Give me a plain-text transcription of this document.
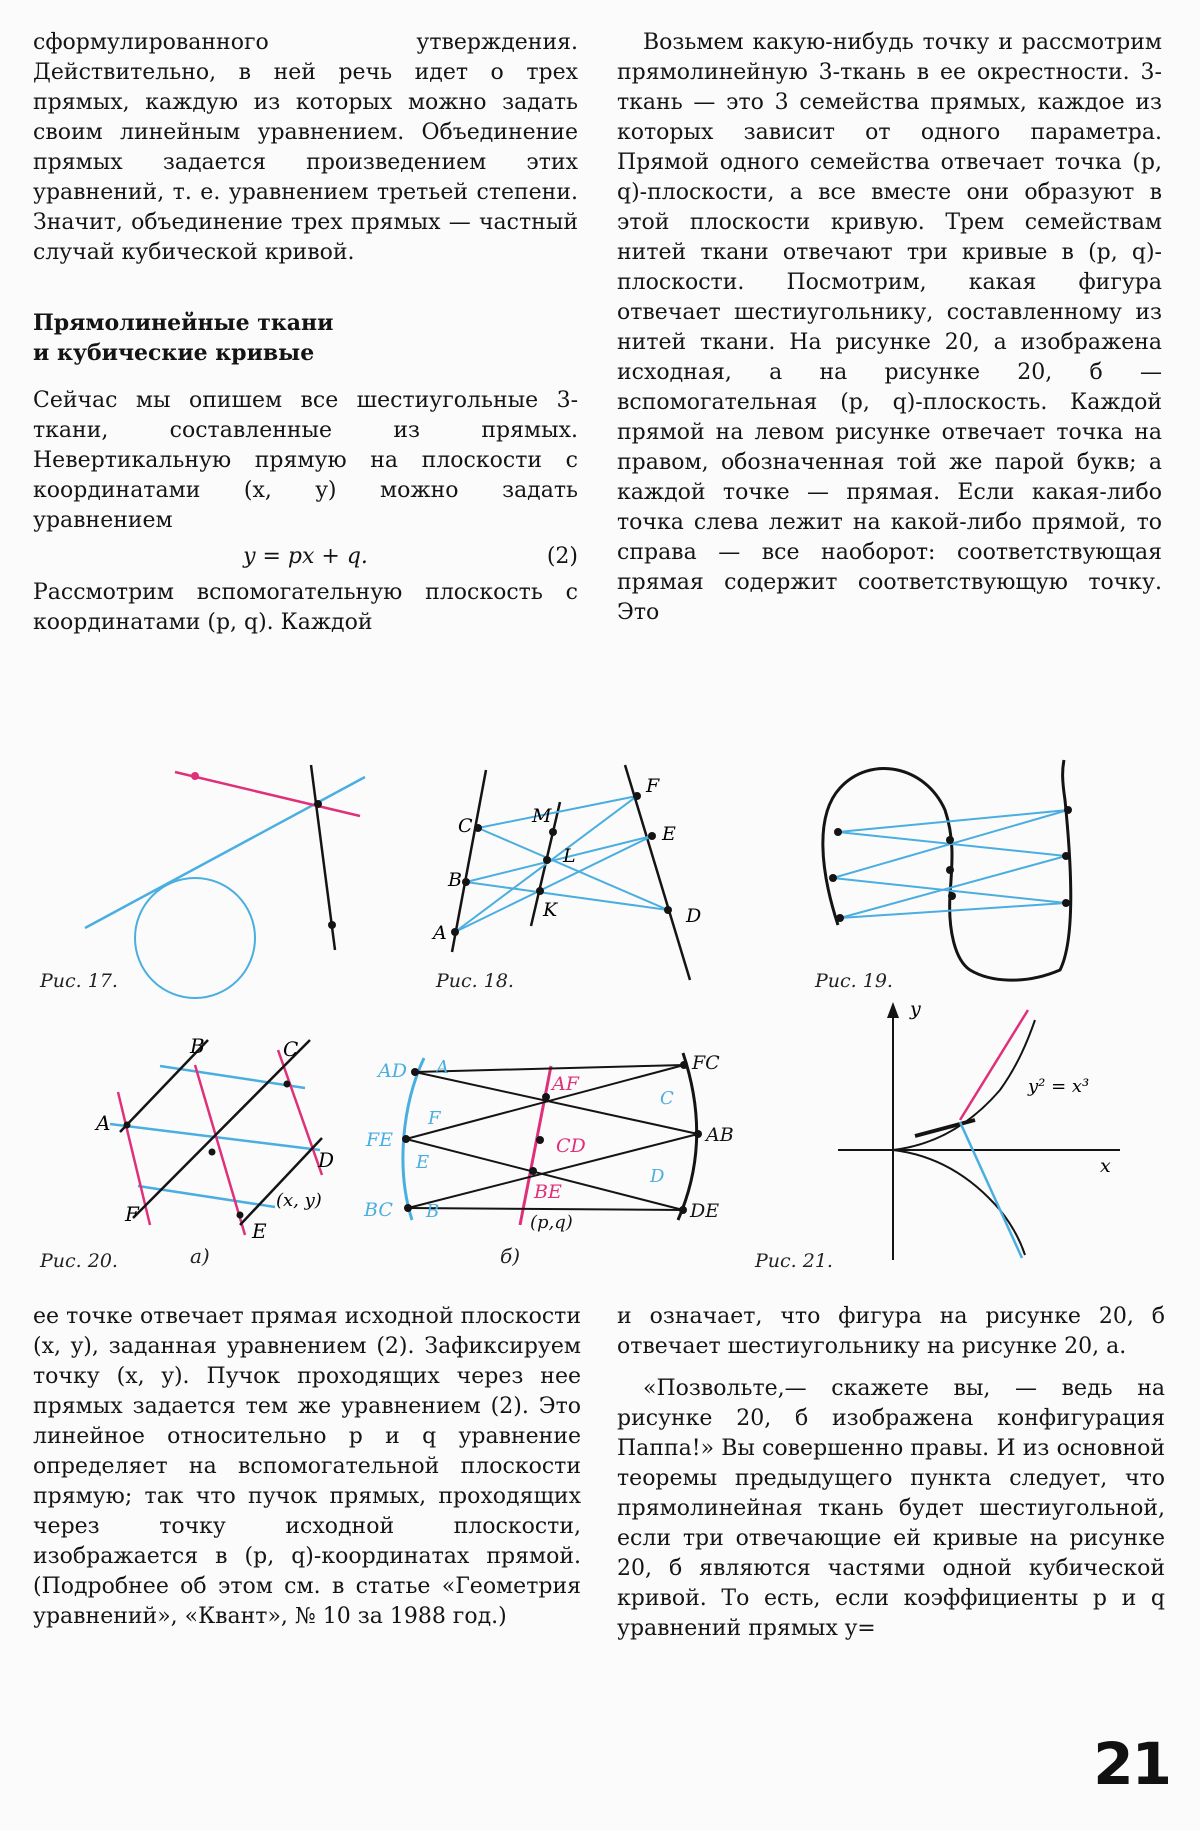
сформулированного утверждения. Действительно, в ней речь идет о трех прямых, каждую из которых можно задать своим линейным уравнением. Объединение прямых задается произведением этих уравнений, т. е. уравнением третьей степени. Значит, объединение трех прямых — частный случай кубической кривой.

Прямолинейные ткани
и кубические кривые

Сейчас мы опишем все шестиугольные 3-ткани, составленные из прямых. Невертикальную прямую на плоскости с координатами (x, y) можно задать уравнением

y = px + q.	(2)

Рассмотрим вспомогательную плоскость с координатами (p, q). Каждой

Возьмем какую-нибудь точку и рассмотрим прямолинейную 3-ткань в ее окрестности. 3-ткань — это 3 семейства прямых, каждое из которых зависит от одного параметра. Прямой одного семейства отвечает точка (p, q)-плоскости, а все вместе они образуют в этой плоскости кривую. Трем семействам нитей ткани отвечают три кривые в (p, q)-плоскости. Посмотрим, какая фигура отвечает шестиугольнику, составленному из нитей ткани. На рисунке 20, а изображена исходная, а на рисунке 20, б — вспомогательная (p, q)-плоскость. Каждой прямой на левом рисунке отвечает точка на правом, обозначенная той же парой букв; а каждой точке — прямая. Если какая-либо точка слева лежит на какой-либо прямой, то справа — все наоборот: соответствующая прямая содержит соответствующую точку. Это

A
B
C	M
L
K
F
E
D
A
B	C
D
E
F
(x, y)
AD
FE
BC
A
F
E
B
AF
CD
BE
FC
AB
DE
C
D
(p,q)
y
x
y² = x³
Рис. 17.	Рис. 18.	Рис. 19.
Рис. 20.	Рис. 21.
а)	б)

ее точке отвечает прямая исходной плоскости (x, y), заданная уравнением (2). Зафиксируем точку (x, y). Пучок проходящих через нее прямых задается тем же уравнением (2). Это линейное относительно p и q уравнение определяет на вспомогательной плоскости прямую; так что пучок прямых, проходящих через точку исходной плоскости, изображается в (p, q)-координатах прямой. (Подробнее об этом см. в статье «Геометрия уравнений», «Квант», № 10 за 1988 год.)

и означает, что фигура на рисунке 20, б отвечает шестиугольнику на рисунке 20, а.

«Позвольте,— скажете вы, — ведь на рисунке 20, б изображена конфигурация Паппа!» Вы совершенно правы. И из основной теоремы предыдущего пункта следует, что прямолинейная ткань будет шестиугольной, если три отвечающие ей кривые на рисунке 20, б являются частями одной кубической кривой. То есть, если коэффициенты p и q уравнений прямых y=

21
